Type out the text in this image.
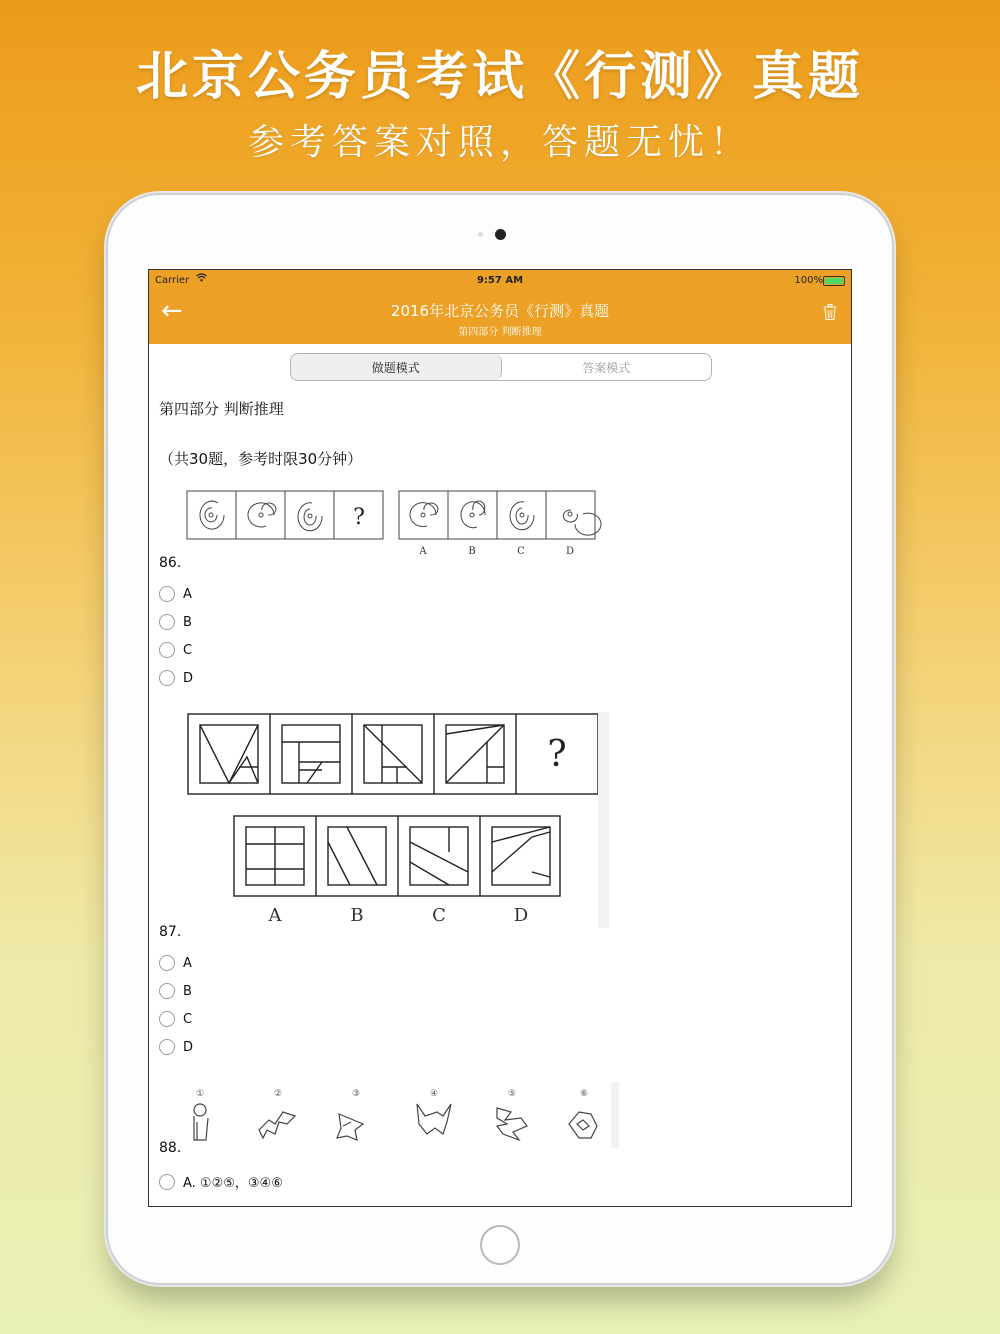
北京公务员考试《行测》真题
参考答案对照，答题无忧！
Carrier	9:57 AM	100%
←	2016年北京公务员《行测》真题
第四部分 判断推理
做题模式	答案模式
第四部分 判断推理
（共30题，参考时限30分钟）
?
A	B	C	D
86.
A
B
C
D
?
A	B	C	D
87.
A
B
C
D
①	②	③	④	⑤	⑥
88.
A. ①②⑤，③④⑥
